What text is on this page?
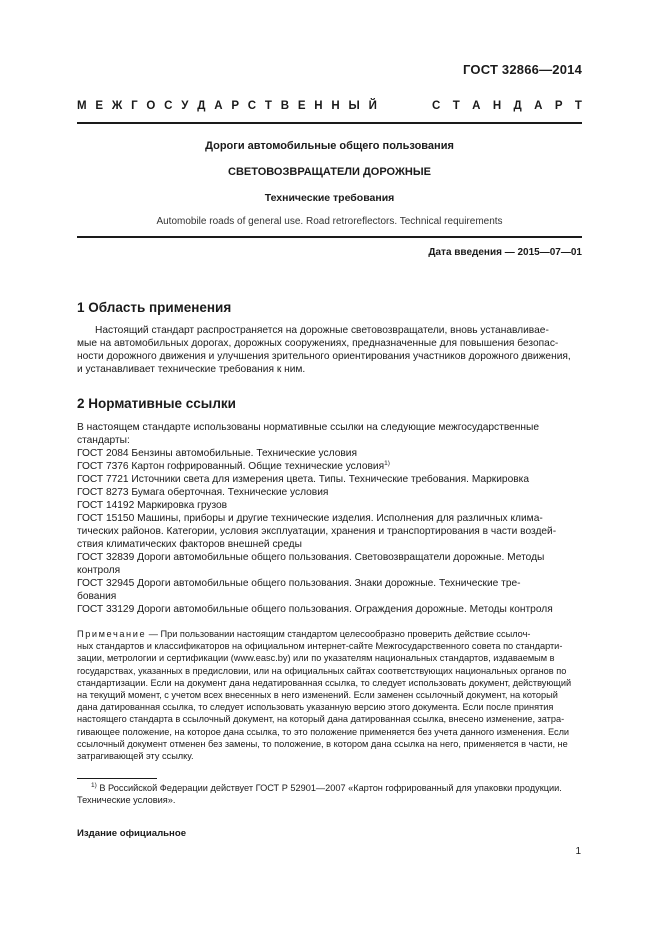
ГОСТ 32866—2014
М Е Ж Г О С У Д А Р С Т В Е Н Н Ы Й	С Т А Н Д А Р Т
Дороги автомобильные общего пользования
СВЕТОВОЗВРАЩАТЕЛИ ДОРОЖНЫЕ
Технические требования
Automobile roads of general use. Road retroreflectors. Technical requirements
Дата введения — 2015—07—01
1 Область применения
Настоящий стандарт распространяется на дорожные световозвращатели, вновь устанавливае-
мые на автомобильных дорогах, дорожных сооружениях, предназначенные для повышения безопас-
ности дорожного движения и улучшения зрительного ориентирования участников дорожного движения,
и устанавливает технические требования к ним.
2 Нормативные ссылки
В настоящем стандарте использованы нормативные ссылки на следующие межгосударственные
стандарты:
ГОСТ 2084 Бензины автомобильные. Технические условия
ГОСТ 7376 Картон гофрированный. Общие технические условия$^{1)}$
ГОСТ 7721 Источники света для измерения цвета. Типы. Технические требования. Маркировка
ГОСТ 8273 Бумага оберточная. Технические условия
ГОСТ 14192 Маркировка грузов
ГОСТ 15150 Машины, приборы и другие технические изделия. Исполнения для различных клима-
тических районов. Категории, условия эксплуатации, хранения и транспортирования в части воздей-
ствия климатических факторов внешней среды
ГОСТ 32839 Дороги автомобильные общего пользования. Световозвращатели дорожные. Методы
контроля
ГОСТ 32945 Дороги автомобильные общего пользования. Знаки дорожные. Технические тре-
бования
ГОСТ 33129 Дороги автомобильные общего пользования. Ограждения дорожные. Методы контроля
Примечание — При пользовании настоящим стандартом целесообразно проверить действие ссылоч-
ных стандартов и классификаторов на официальном интернет-сайте Межгосударственного совета по стандарти-
зации, метрологии и сертификации (www.easc.by) или по указателям национальных стандартов, издаваемым в
государствах, указанных в предисловии, или на официальных сайтах соответствующих национальных органов по
стандартизации. Если на документ дана недатированная ссылка, то следует использовать документ, действующий
на текущий момент, с учетом всех внесенных в него изменений. Если заменен ссылочный документ, на который
дана датированная ссылка, то следует использовать указанную версию этого документа. Если после принятия
настоящего стандарта в ссылочный документ, на который дана датированная ссылка, внесено изменение, затра-
гивающее положение, на которое дана ссылка, то это положение применяется без учета данного изменения. Если
ссылочный документ отменен без замены, то положение, в котором дана ссылка на него, применяется в части, не
затрагивающей эту ссылку.
$^{1)}$ В Российской Федерации действует ГОСТ Р 52901—2007 «Картон гофрированный для упаковки продукции.
Технические условия».
Издание официальное
1
